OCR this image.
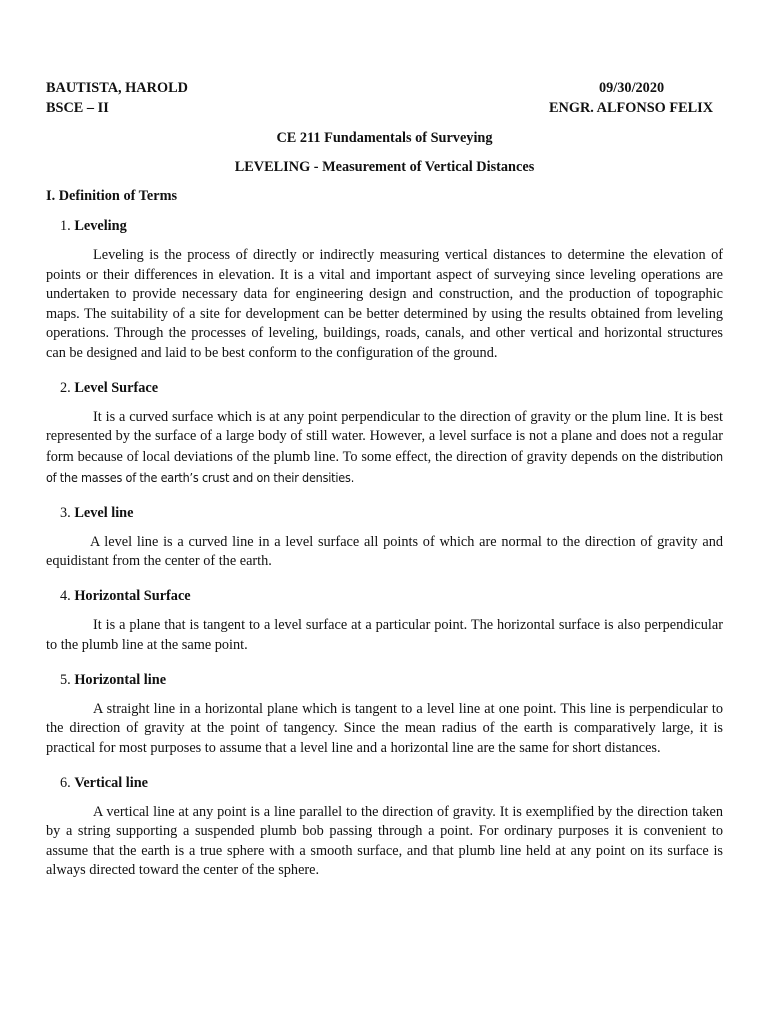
BAUTISTA, HAROLD	09/30/2020
BSCE – II	ENGR. ALFONSO FELIX
CE 211 Fundamentals of Surveying
LEVELING - Measurement of Vertical Distances
I. Definition of Terms
1. Leveling

Leveling is the process of directly or indirectly measuring vertical distances to determine the elevation of points or their differences in elevation. It is a vital and important aspect of surveying since leveling operations are undertaken to provide necessary data for engineering design and construction, and the production of topographic maps. The suitability of a site for development can be better determined by using the results obtained from leveling operations. Through the processes of leveling, buildings, roads, canals, and other vertical and horizontal structures can be designed and laid to be best conform to the configuration of the ground.

2. Level Surface

It is a curved surface which is at any point perpendicular to the direction of gravity or the plum line. It is best represented by the surface of a large body of still water. However, a level surface is not a plane and does not a regular form because of local deviations of the plumb line. To some effect, the direction of gravity depends on the distribution of the masses of the earth’s crust and on their densities.

3. Level line

A level line is a curved line in a level surface all points of which are normal to the direction of gravity and equidistant from the center of the earth.

4. Horizontal Surface

It is a plane that is tangent to a level surface at a particular point. The horizontal surface is also perpendicular to the plumb line at the same point.

5. Horizontal line

A straight line in a horizontal plane which is tangent to a level line at one point. This line is perpendicular to the direction of gravity at the point of tangency. Since the mean radius of the earth is comparatively large, it is practical for most purposes to assume that a level line and a horizontal line are the same for short distances.

6. Vertical line

A vertical line at any point is a line parallel to the direction of gravity. It is exemplified by the direction taken by a string supporting a suspended plumb bob passing through a point. For ordinary purposes it is convenient to assume that the earth is a true sphere with a smooth surface, and that plumb line held at any point on its surface is always directed toward the center of the sphere.
